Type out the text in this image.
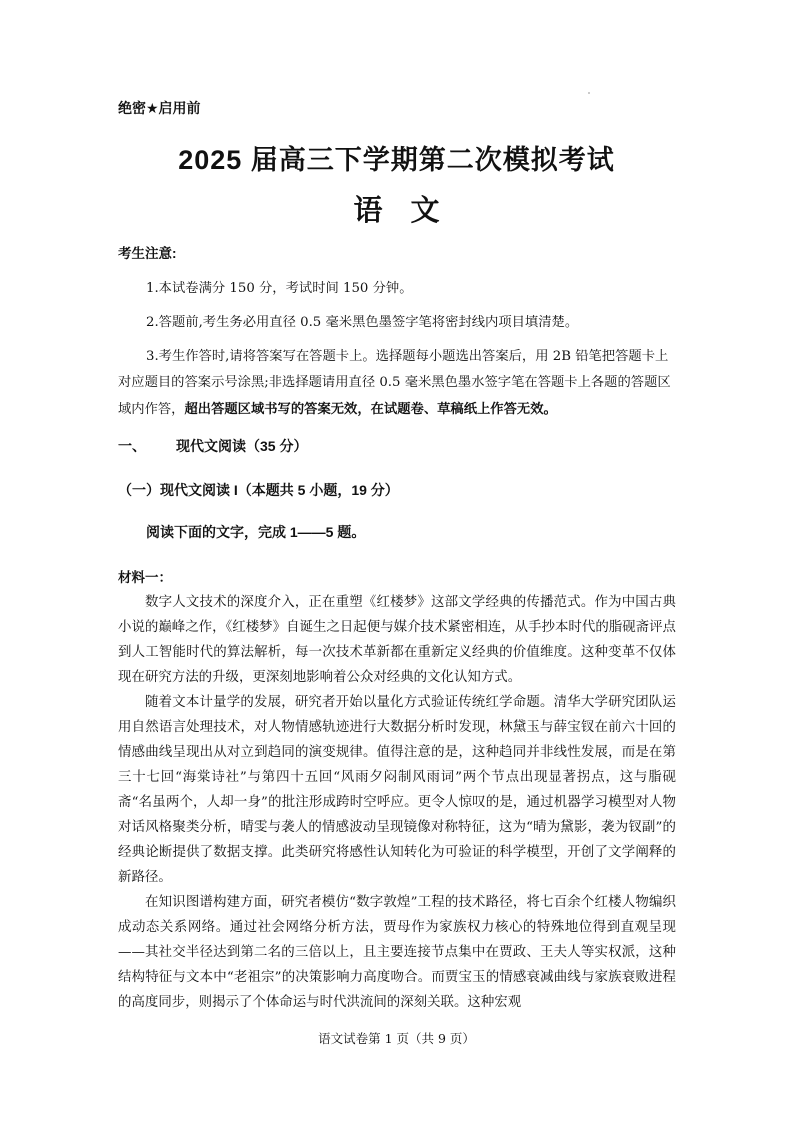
绝密★启用前

2025 届高三下学期第二次模拟考试

语文

考生注意:

1.本试卷满分 150 分，考试时间 150 分钟。

2.答题前,考生务必用直径 0.5 毫米黑色墨签字笔将密封线内项目填清楚。

3.考生作答时,请将答案写在答题卡上。选择题每小题选出答案后，用 2B 铅笔把答题卡上对应题目的答案示号涂黑;非选择题请用直径 0.5 毫米黑色墨水签字笔在答题卡上各题的答题区域内作答，超出答题区域书写的答案无效，在试题卷、草稿纸上作答无效。

一、 现代文阅读（35 分）

（一）现代文阅读 I（本题共 5 小题，19 分）

阅读下面的文字，完成 1——5 题。

材料一：

数字人文技术的深度介入，正在重塑《红楼梦》这部文学经典的传播范式。作为中国古典小说的巅峰之作，《红楼梦》自诞生之日起便与媒介技术紧密相连，从手抄本时代的脂砚斋评点到人工智能时代的算法解析，每一次技术革新都在重新定义经典的价值维度。这种变革不仅体现在研究方法的升级，更深刻地影响着公众对经典的文化认知方式。

随着文本计量学的发展，研究者开始以量化方式验证传统红学命题。清华大学研究团队运用自然语言处理技术，对人物情感轨迹进行大数据分析时发现，林黛玉与薛宝钗在前六十回的情感曲线呈现出从对立到趋同的演变规律。值得注意的是，这种趋同并非线性发展，而是在第三十七回“海棠诗社”与第四十五回“风雨夕闷制风雨词”两个节点出现显著拐点，这与脂砚斋“名虽两个，人却一身”的批注形成跨时空呼应。更令人惊叹的是，通过机器学习模型对人物对话风格聚类分析，晴雯与袭人的情感波动呈现镜像对称特征，这为“晴为黛影，袭为钗副”的经典论断提供了数据支撑。此类研究将感性认知转化为可验证的科学模型，开创了文学阐释的新路径。

在知识图谱构建方面，研究者模仿“数字敦煌”工程的技术路径，将七百余个红楼人物编织成动态关系网络。通过社会网络分析方法，贾母作为家族权力核心的特殊地位得到直观呈现——其社交半径达到第二名的三倍以上，且主要连接节点集中在贾政、王夫人等实权派，这种结构特征与文本中“老祖宗”的决策影响力高度吻合。而贾宝玉的情感衰减曲线与家族衰败进程的高度同步，则揭示了个体命运与时代洪流间的深刻关联。这种宏观

语文试卷第 1 页（共 9 页）
